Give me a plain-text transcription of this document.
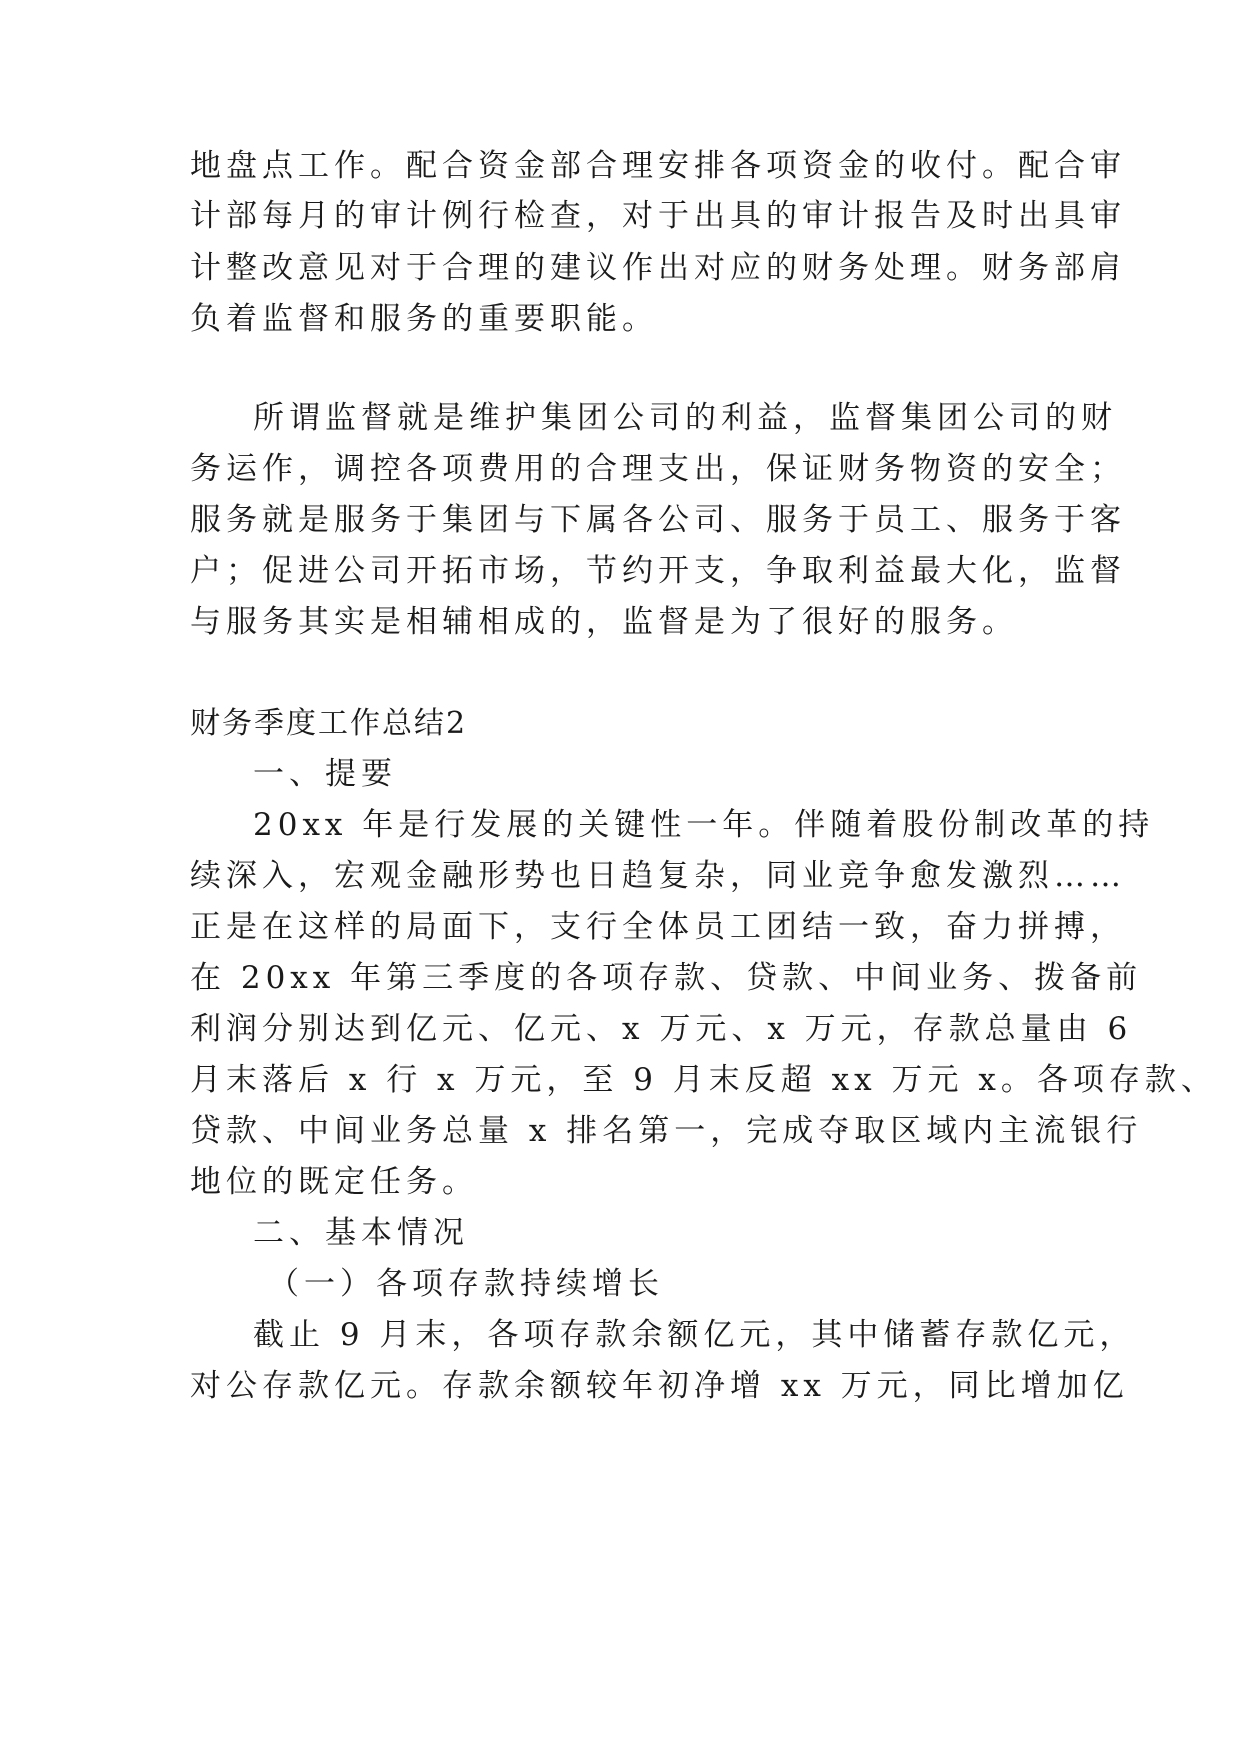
地盘点工作。配合资金部合理安排各项资金的收付。配合审
计部每月的审计例行检查，对于出具的审计报告及时出具审
计整改意见对于合理的建议作出对应的财务处理。财务部肩
负着监督和服务的重要职能。
所谓监督就是维护集团公司的利益，监督集团公司的财
务运作，调控各项费用的合理支出，保证财务物资的安全；
服务就是服务于集团与下属各公司、服务于员工、服务于客
户；促进公司开拓市场，节约开支，争取利益最大化，监督
与服务其实是相辅相成的，监督是为了很好的服务。
财务季度工作总结2
一、提要
20xx 年是行发展的关键性一年。伴随着股份制改革的持
续深入，宏观金融形势也日趋复杂，同业竞争愈发激烈……
正是在这样的局面下，支行全体员工团结一致，奋力拼搏，
在 20xx 年第三季度的各项存款、贷款、中间业务、拨备前
利润分别达到亿元、亿元、x 万元、x 万元，存款总量由 6
月末落后 x 行 x 万元，至 9 月末反超 xx 万元 x。各项存款、
贷款、中间业务总量 x 排名第一，完成夺取区域内主流银行
地位的既定任务。
二、基本情况
（一）各项存款持续增长
截止 9 月末，各项存款余额亿元，其中储蓄存款亿元，
对公存款亿元。存款余额较年初净增 xx 万元，同比增加亿
